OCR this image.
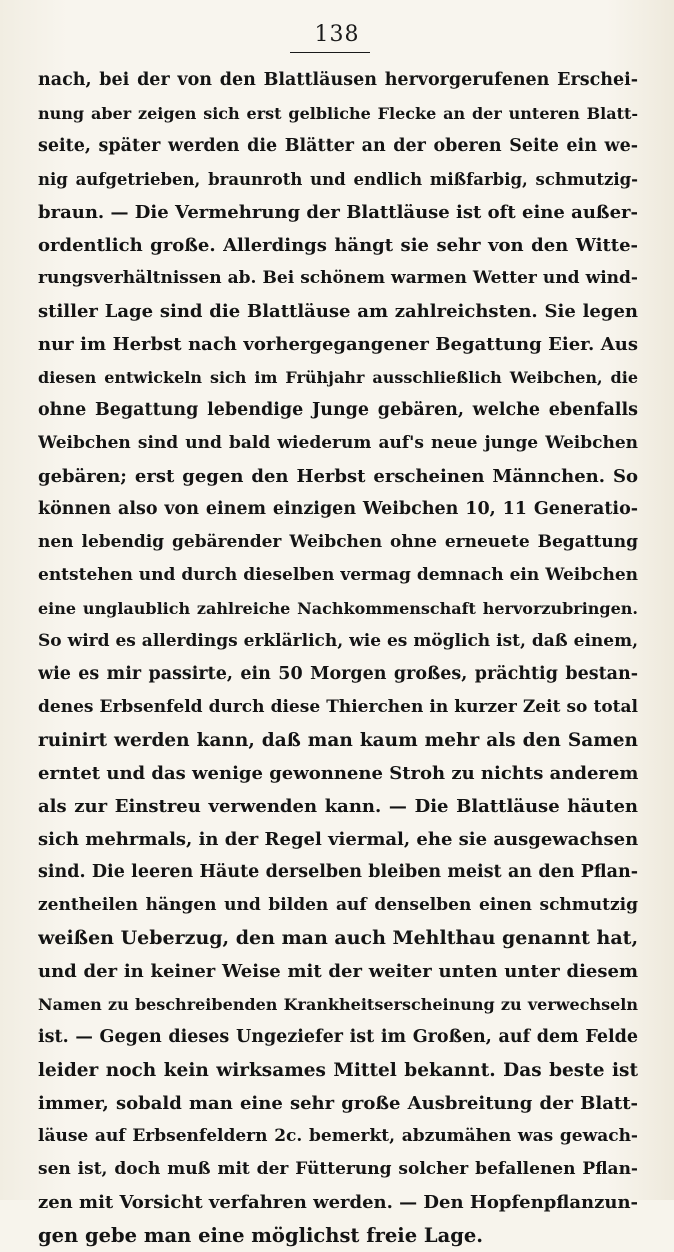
138
nach, bei der von den Blattläusen hervorgerufenen Erschei-
nung aber zeigen sich erst gelbliche Flecke an der unteren Blatt-
seite, später werden die Blätter an der oberen Seite ein we-
nig aufgetrieben, braunroth und endlich mißfarbig, schmutzig-
braun. — Die Vermehrung der Blattläuse ist oft eine außer-
ordentlich große. Allerdings hängt sie sehr von den Witte-
rungsverhältnissen ab. Bei schönem warmen Wetter und wind-
stiller Lage sind die Blattläuse am zahlreichsten. Sie legen
nur im Herbst nach vorhergegangener Begattung Eier. Aus
diesen entwickeln sich im Frühjahr ausschließlich Weibchen, die
ohne Begattung lebendige Junge gebären, welche ebenfalls
Weibchen sind und bald wiederum auf's neue junge Weibchen
gebären; erst gegen den Herbst erscheinen Männchen. So
können also von einem einzigen Weibchen 10, 11 Generatio-
nen lebendig gebärender Weibchen ohne erneuete Begattung
entstehen und durch dieselben vermag demnach ein Weibchen
eine unglaublich zahlreiche Nachkommenschaft hervorzubringen.
So wird es allerdings erklärlich, wie es möglich ist, daß einem,
wie es mir passirte, ein 50 Morgen großes, prächtig bestan-
denes Erbsenfeld durch diese Thierchen in kurzer Zeit so total
ruinirt werden kann, daß man kaum mehr als den Samen
erntet und das wenige gewonnene Stroh zu nichts anderem
als zur Einstreu verwenden kann. — Die Blattläuse häuten
sich mehrmals, in der Regel viermal, ehe sie ausgewachsen
sind. Die leeren Häute derselben bleiben meist an den Pflan-
zentheilen hängen und bilden auf denselben einen schmutzig
weißen Ueberzug, den man auch Mehlthau genannt hat,
und der in keiner Weise mit der weiter unten unter diesem
Namen zu beschreibenden Krankheitserscheinung zu verwechseln
ist. — Gegen dieses Ungeziefer ist im Großen, auf dem Felde
leider noch kein wirksames Mittel bekannt. Das beste ist
immer, sobald man eine sehr große Ausbreitung der Blatt-
läuse auf Erbsenfeldern 2c. bemerkt, abzumähen was gewach-
sen ist, doch muß mit der Fütterung solcher befallenen Pflan-
zen mit Vorsicht verfahren werden. — Den Hopfenpflanzun-
gen gebe man eine möglichst freie Lage.
